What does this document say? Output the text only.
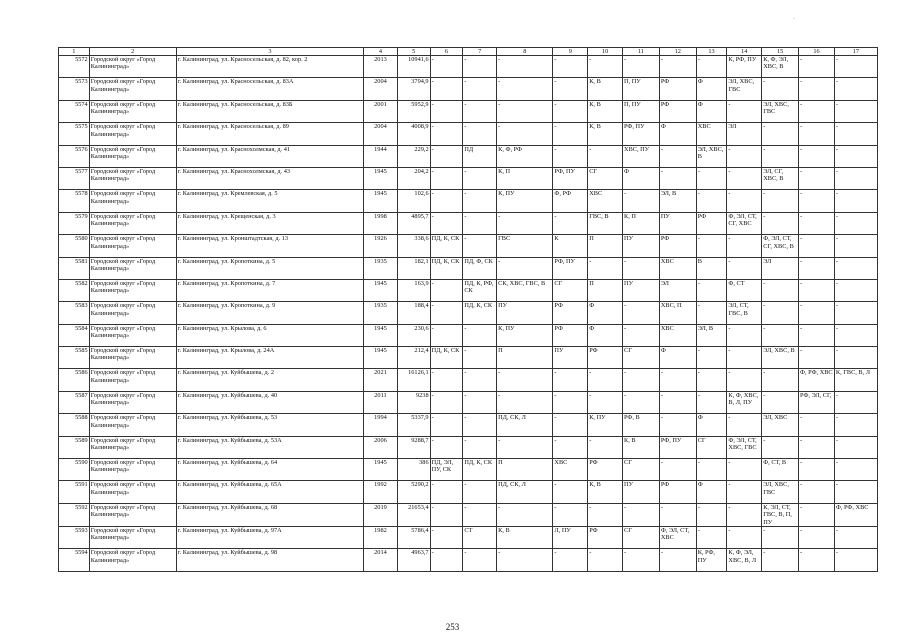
.
1	2	3	4	5	6	7	8	9	10	11	12	13	14	15	16	17
5572	Городской округ «Город Калининград»	г. Калининград, ул. Красносельская, д. 82, кор. 2	2013	10941,6	-	-	-	-	-	-	-	-	К, РФ, ПУ	К, Ф, ЭЛ, ХВС, В	-	-
5573	Городской округ «Город Калининград»	г. Калининград, ул. Красносельская, д. 83А	2004	3794,9	-	-	-	-	К, В	П, ПУ	РФ	Ф	ЭЛ, ХВС, ГВС	-	-	-
5574	Городской округ «Город Калининград»	г. Калининград, ул. Красносельская, д. 83Б	2001	5952,9	-	-	-	-	К, В	П, ПУ	РФ	Ф	-	ЭЛ, ХВС, ГВС	-	-
5575	Городской округ «Город Калининград»	г. Калининград, ул. Красносельская, д. 89	2004	4008,9	-	-	-	-	К, В	РФ, ПУ	Ф	ХВС	ЭЛ	-	-	-
5576	Городской округ «Город Калининград»	г. Калининград, ул. Краснохолмская, д. 41	1944	229,2	-	ПД	К, Ф, РФ	-	-	ХВС, ПУ	-	ЭЛ, ХВС, В	-	-	-	-
5577	Городской округ «Город Калининград»	г. Калининград, ул. Краснохолмская, д. 43	1945	204,2	-	-	К, П	РФ, ПУ	СГ	Ф	-	-	-	ЭЛ, СГ, ХВС, В	-	-
5578	Городской округ «Город Калининград»	г. Калининград, ул. Кремлевская, д. 5	1945	102,6	-	-	К, ПУ	Ф, РФ	ХВС	-	ЭЛ, В	-	-	-	-	-
5579	Городской округ «Город Калининград»	г. Калининград, ул. Крещенская, д. 3	1998	4895,7	-	-	-	-	ГВС, В	К, П	ПУ	РФ	Ф, ЭЛ, СТ, СГ, ХВС	-	-	-
5580	Городской округ «Город Калининград»	г. Калининград, ул. Кронштадтская, д. 13	1926	338,6	ПД, К, СК	-	ГВС	К	П	ПУ	РФ	-	-	Ф, ЭЛ, СТ, СГ, ХВС, В	-	-
5581	Городской округ «Город Калининград»	г. Калининград, ул. Кропоткина, д. 5	1935	182,1	ПД, К, СК	ПД, Ф, СК	-	РФ, ПУ	-	-	ХВС	В	-	ЭЛ	-	-
5582	Городской округ «Город Калининград»	г. Калининград, ул. Кропоткина, д. 7	1945	163,9	-	ПД, К, РФ, СК	СК, ХВС, ГВС, В	СГ	П	ПУ	ЭЛ	-	Ф, СТ	-	-	-
5583	Городской округ «Город Калининград»	г. Калининград, ул. Кропоткина, д. 9	1935	188,4	-	ПД, К, СК	ПУ	РФ	Ф	-	ХВС, П	-	ЭЛ, СТ, ГВС, В	-	-	-
5584	Городской округ «Город Калининград»	г. Калининград, ул. Крылова, д. 6	1945	230,6	-	-	К, ПУ	РФ	Ф	-	ХВС	ЭЛ, В	-	-	-	-
5585	Городской округ «Город Калининград»	г. Калининград, ул. Крылова, д. 24А	1945	212,4	ПД, К, СК	-	П	ПУ	РФ	СГ	Ф	-	-	ЭЛ, ХВС, В	-	-
5586	Городской округ «Город Калининград»	г. Калининград, ул. Куйбышева, д. 2	2021	16126,1	-	-	-	-	-	-	-	-	-	-	Ф, РФ, ХВС	К, ГВС, В, Л
5587	Городской округ «Город Калининград»	г. Калининград, ул. Куйбышева, д. 40	2011	9238	-	-	-	-	-	-	-	-	К, Ф, ХВС, В, Л, ПУ	-	РФ, ЭЛ, СГ,	-
5588	Городской округ «Город Калининград»	г. Калининград, ул. Куйбышева, д. 53	1994	5337,9	-	-	ПД, СК, Л	-	К, ПУ	РФ, В	-	Ф	-	ЭЛ, ХВС	-	-
5589	Городской округ «Город Калининград»	г. Калининград, ул. Куйбышева, д. 53А	2006	9288,7	-	-	-	-	-	К, В	РФ, ПУ	СГ	Ф, ЭЛ, СТ, ХВС, ГВС	-	-	-
5590	Городской округ «Город Калининград»	г. Калининград, ул. Куйбышева, д. 64	1945	386	ПД, ЭЛ, ПУ, СК	ПД, К, СК	П	ХВС	РФ	СГ	-	-	-	Ф, СТ, В	-	-
5591	Городской округ «Город Калининград»	г. Калининград, ул. Куйбышева, д. 65А	1992	5290,2	-	-	ПД, СК, Л	-	К, В	ПУ	РФ	Ф	-	ЭЛ, ХВС, ГВС	-	-
5592	Городской округ «Город Калининград»	г. Калининград, ул. Куйбышева, д. 68	2019	21653,4	-	-	-	-	-	-	-	-	-	К, ЭЛ, СТ, ГВС, В, П, ПУ	-	Ф, РФ, ХВС
5593	Городской округ «Город Калининград»	г. Калининград, ул. Куйбышева, д. 97А	1982	5786,4	-	СТ	К, В	Л, ПУ	РФ	СГ	Ф, ЭЛ, СТ, ХВС	-	-	-	-	-
5594	Городской округ «Город Калининград»	г. Калининград, ул. Куйбышева, д. 98	2014	4963,7	-	-	-	-	-	-	-	К, РФ, ПУ	К, Ф, ЭЛ, ХВС, В, Л	-	-	-
253
